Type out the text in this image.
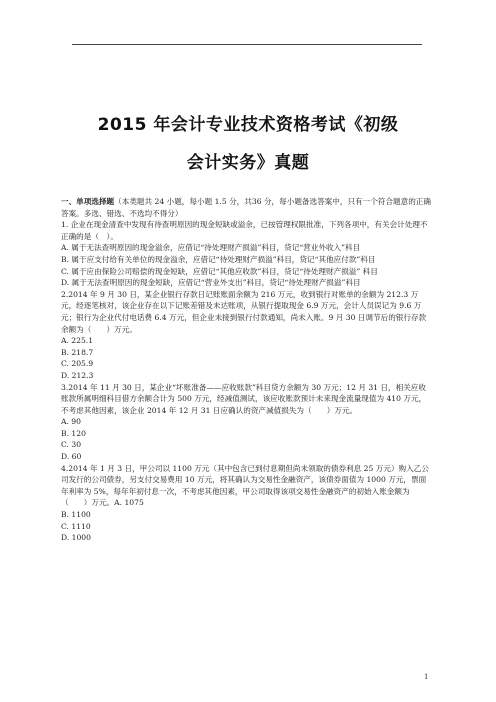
2015 年会计专业技术资格考试《初级
会计实务》真题

一、单项选择题（本类题共 24 小题，每小题 1.5 分，共36 分，每小题备选答案中，只有一个符合题意的正确答案。多选、错选、不选均不得分）

1. 企业在现金清查中发现有待查明原因的现金短缺或溢余，已按管理权限批准，下列各项中，有关会计处理不正确的是（　）。

A. 属于无法查明原因的现金溢余，应借记“待处理财产损溢”科目，贷记“营业外收入”科目

B. 属于应支付给有关单位的现金溢余，应借记“待处理财产损溢”科目，贷记“其他应付款”科目

C. 属于应由保险公司赔偿的现金短缺，应借记“其他应收款”科目，贷记“待处理财产损溢” 科目

D. 属于无法查明原因的现金短缺，应借记“营业外支出”科目，贷记“待处理财产损溢”科目

2.2014 年 9 月 30 日，某企业银行存款日记账账面余额为 216 万元，收到银行对账单的余额为 212.3 万元，经逐笔核对，该企业存在以下记账差错及未达账项，从银行提取现金 6.9 万元，会计人员误记为 9.6 万元；银行为企业代付电话费 6.4 万元，但企业未接到银行付款通知，尚未入账。9 月 30 日调节后的银行存款余额为（　　）万元。

A. 225.1

B. 218.7

C. 205.9

D. 212.3

3.2014 年 11 月 30 日，某企业“坏账准备——应收账款”科目贷方余额为 30 万元；12 月 31 日，相关应收账款所属明细科目借方余额合计为 500 万元，经减值测试，该应收账款预计未来现金流量现值为 410 万元，不考虑其他因素，该企业 2014 年 12 月 31 日应确认的资产减值损失为（　　）万元。

A. 90

B. 120

C. 30

D. 60

4.2014 年 1 月 3 日，甲公司以 1100 万元（其中包含已到付息期但尚未领取的债券利息 25 万元）购入乙公司发行的公司债券，另支付交易费用 10 万元，将其确认为交易性金融资产，该债券面值为 1000 万元，票面年利率为 5%，每年年初付息一次，不考虑其他因素，甲公司取得该项交易性金融资产的初始入账金额为（　　）万元。A. 1075

B. 1100

C. 1110

D. 1000

1
